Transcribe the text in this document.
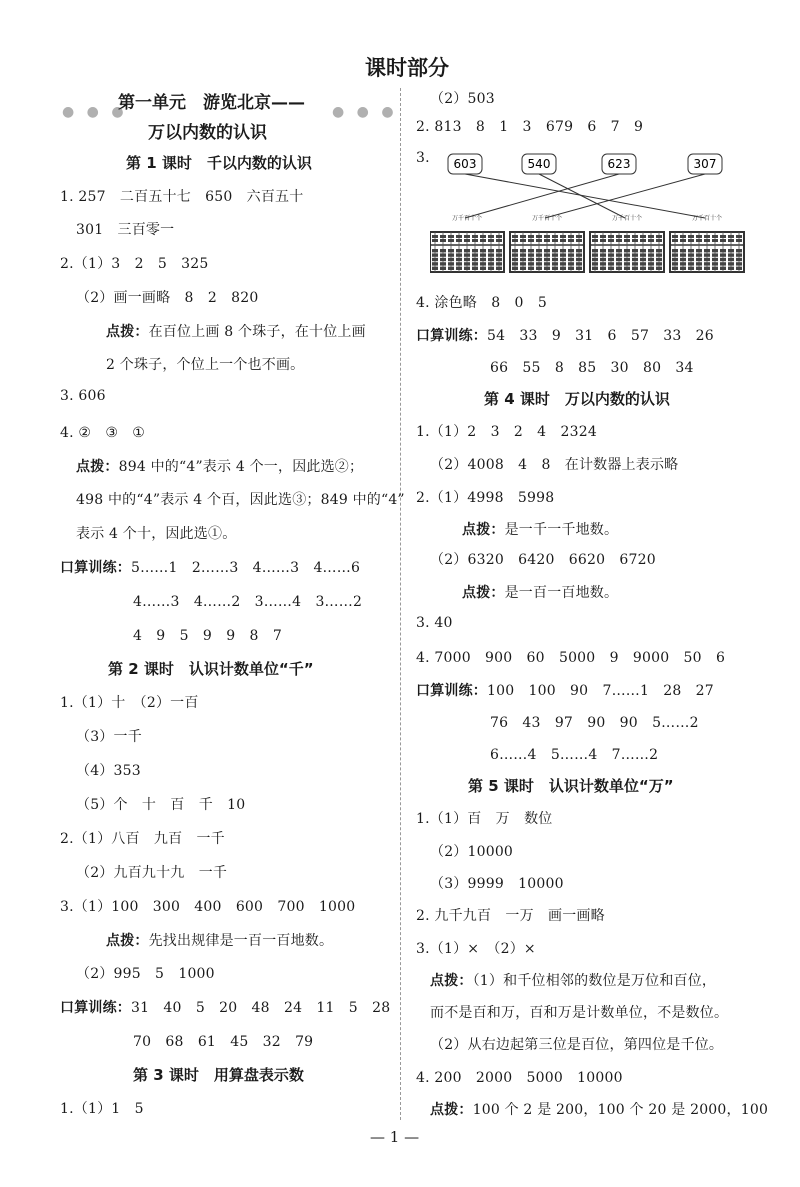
课时部分
● ● ●	● ● ●
第一单元　游览北京——
万以内数的认识
第 1 课时　千以内数的认识
1. 257　二百五十七　650　六百五十
301　三百零一
2.（1）3　2　5　325
（2）画一画略　8　2　820
点拨：在百位上画 8 个珠子，在十位上画
2 个珠子，个位上一个也不画。
3. 606
4. ②　③　①
点拨：894 中的“4”表示 4 个一，因此选②；
498 中的“4”表示 4 个百，因此选③；849 中的“4”
表示 4 个十，因此选①。
口算训练：5……1　2……3　4……3　4……6
4……3　4……2　3……4　3……2
4　9　5　9　9　8　7
第 2 课时　认识计数单位“千”
1.（1）十　（2）一百
（3）一千
（4）353
（5）个　十　百　千　10
2.（1）八百　九百　一千
（2）九百九十九　一千
3.（1）100　300　400　600　700　1000
点拨：先找出规律是一百一百地数。
（2）995　5　1000
口算训练：31　40　5　20　48　24　11　5　28
70　68　61　45　32　79
第 3 课时　用算盘表示数
1.（1）1　5
（2）503
2. 813　8　1　3　679　6　7　9
3. 603	540	623	307
万千百十个	万千百十个	万千百十个	万千百十个
4. 涂色略　8　0　5
口算训练：54　33　9　31　6　57　33　26
66　55　8　85　30　80　34
第 4 课时　万以内数的认识
1.（1）2　3　2　4　2324
（2）4008　4　8　在计数器上表示略
2.（1）4998　5998
点拨：是一千一千地数。
（2）6320　6420　6620　6720
点拨：是一百一百地数。
3. 40
4. 7000　900　60　5000　9　9000　50　6
口算训练：100　100　90　7……1　28　27
76　43　97　90　90　5……2
6……4　5……4　7……2
第 5 课时　认识计数单位“万”
1.（1）百　万　数位
（2）10000
（3）9999　10000
2. 九千九百　一万　画一画略
3.（1）×　（2）×
点拨：（1）和千位相邻的数位是万位和百位，
而不是百和万，百和万是计数单位，不是数位。
（2）从右边起第三位是百位，第四位是千位。
4. 200　2000　5000　10000
点拨：100 个 2 是 200，100 个 20 是 2000，100
— 1 —
